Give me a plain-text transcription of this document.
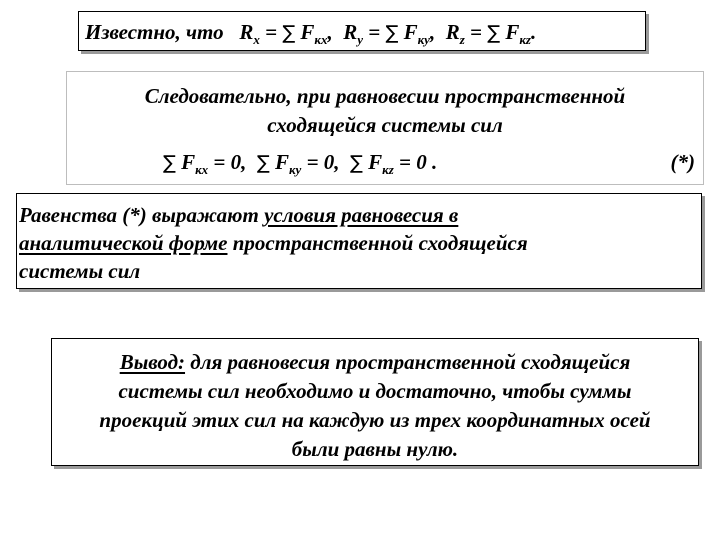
Известно, что $R_x$ = ∑ $F_{кx}$, $R_y$ = ∑ $F_{кy}$, $R_z$ = ∑ $F_{кz}$.
Следовательно, при равновесии пространственной
сходящейся системы сил
∑ $F_{кx} = 0$, ∑ $F_{кy} = 0$, ∑ $F_{кz} = 0$ .	(*)
Равенства (*) выражают условия равновесия в
аналитической форме пространственной сходящейся
системы сил
Вывод: для равновесия пространственной сходящейся
системы сил необходимо и достаточно, чтобы суммы
проекций этих сил на каждую из трех координатных осей
были равны нулю.
